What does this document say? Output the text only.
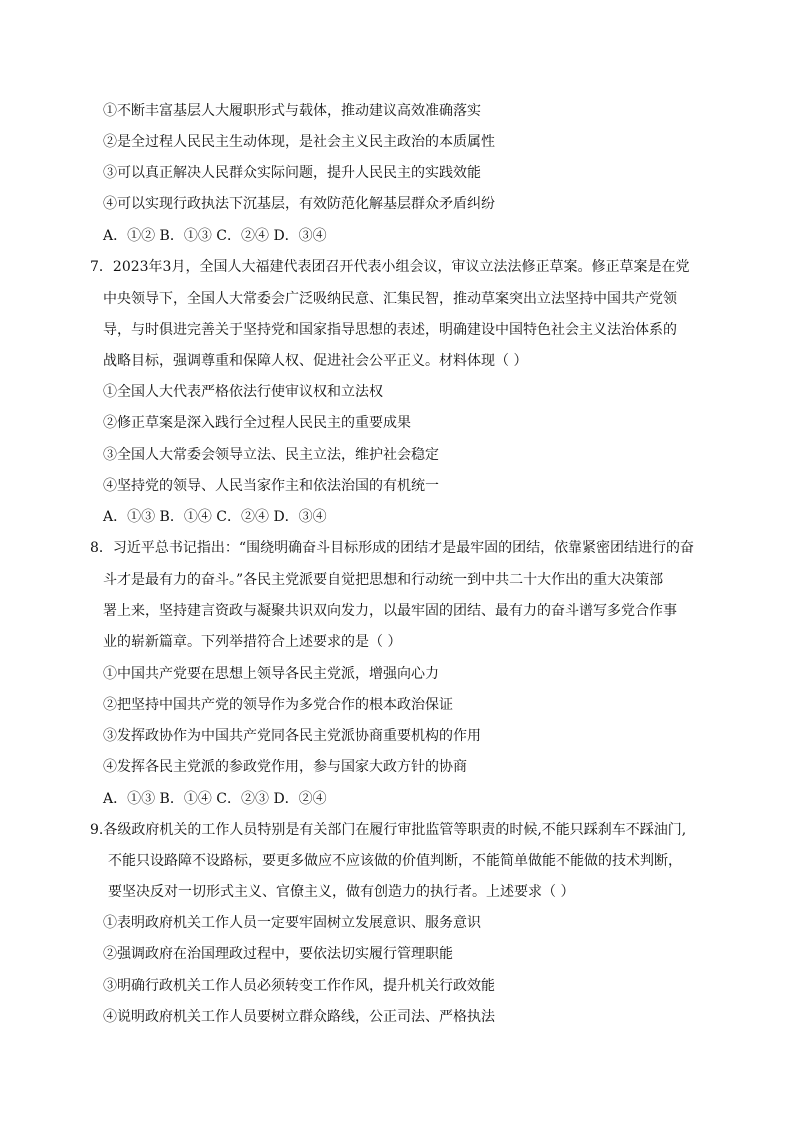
①不断丰富基层人大履职形式与载体，推动建议高效准确落实
②是全过程人民民主生动体现，是社会主义民主政治的本质属性
③可以真正解决人民群众实际问题，提升人民民主的实践效能
④可以实现行政执法下沉基层，有效防范化解基层群众矛盾纠纷
A．①② B．①③ C．②④ D．③④
7．2023年3月，全国人大福建代表团召开代表小组会议，审议立法法修正草案。修正草案是在党
中央领导下，全国人大常委会广泛吸纳民意、汇集民智，推动草案突出立法坚持中国共产党领
导，与时俱进完善关于坚持党和国家指导思想的表述，明确建设中国特色社会主义法治体系的
战略目标，强调尊重和保障人权、促进社会公平正义。材料体现（ ）
①全国人大代表严格依法行使审议权和立法权
②修正草案是深入践行全过程人民民主的重要成果
③全国人大常委会领导立法、民主立法，维护社会稳定
④坚持党的领导、人民当家作主和依法治国的有机统一
A．①③ B．①④ C．②④ D．③④
8．习近平总书记指出：“围绕明确奋斗目标形成的团结才是最牢固的团结，依靠紧密团结进行的奋
斗才是最有力的奋斗。”各民主党派要自觉把思想和行动统一到中共二十大作出的重大决策部
署上来，坚持建言资政与凝聚共识双向发力，以最牢固的团结、最有力的奋斗谱写多党合作事
业的崭新篇章。下列举措符合上述要求的是（ ）
①中国共产党要在思想上领导各民主党派，增强向心力
②把坚持中国共产党的领导作为多党合作的根本政治保证
③发挥政协作为中国共产党同各民主党派协商重要机构的作用
④发挥各民主党派的参政党作用，参与国家大政方针的协商
A．①③ B．①④ C．②③ D．②④
9.各级政府机关的工作人员特别是有关部门在履行审批监管等职责的时候,不能只踩刹车不踩油门,
不能只设路障不设路标，要更多做应不应该做的价值判断，不能简单做能不能做的技术判断，
要坚决反对一切形式主义、官僚主义，做有创造力的执行者。上述要求（ ）
①表明政府机关工作人员一定要牢固树立发展意识、服务意识
②强调政府在治国理政过程中，要依法切实履行管理职能
③明确行政机关工作人员必须转变工作作风，提升机关行政效能
④说明政府机关工作人员要树立群众路线，公正司法、严格执法
